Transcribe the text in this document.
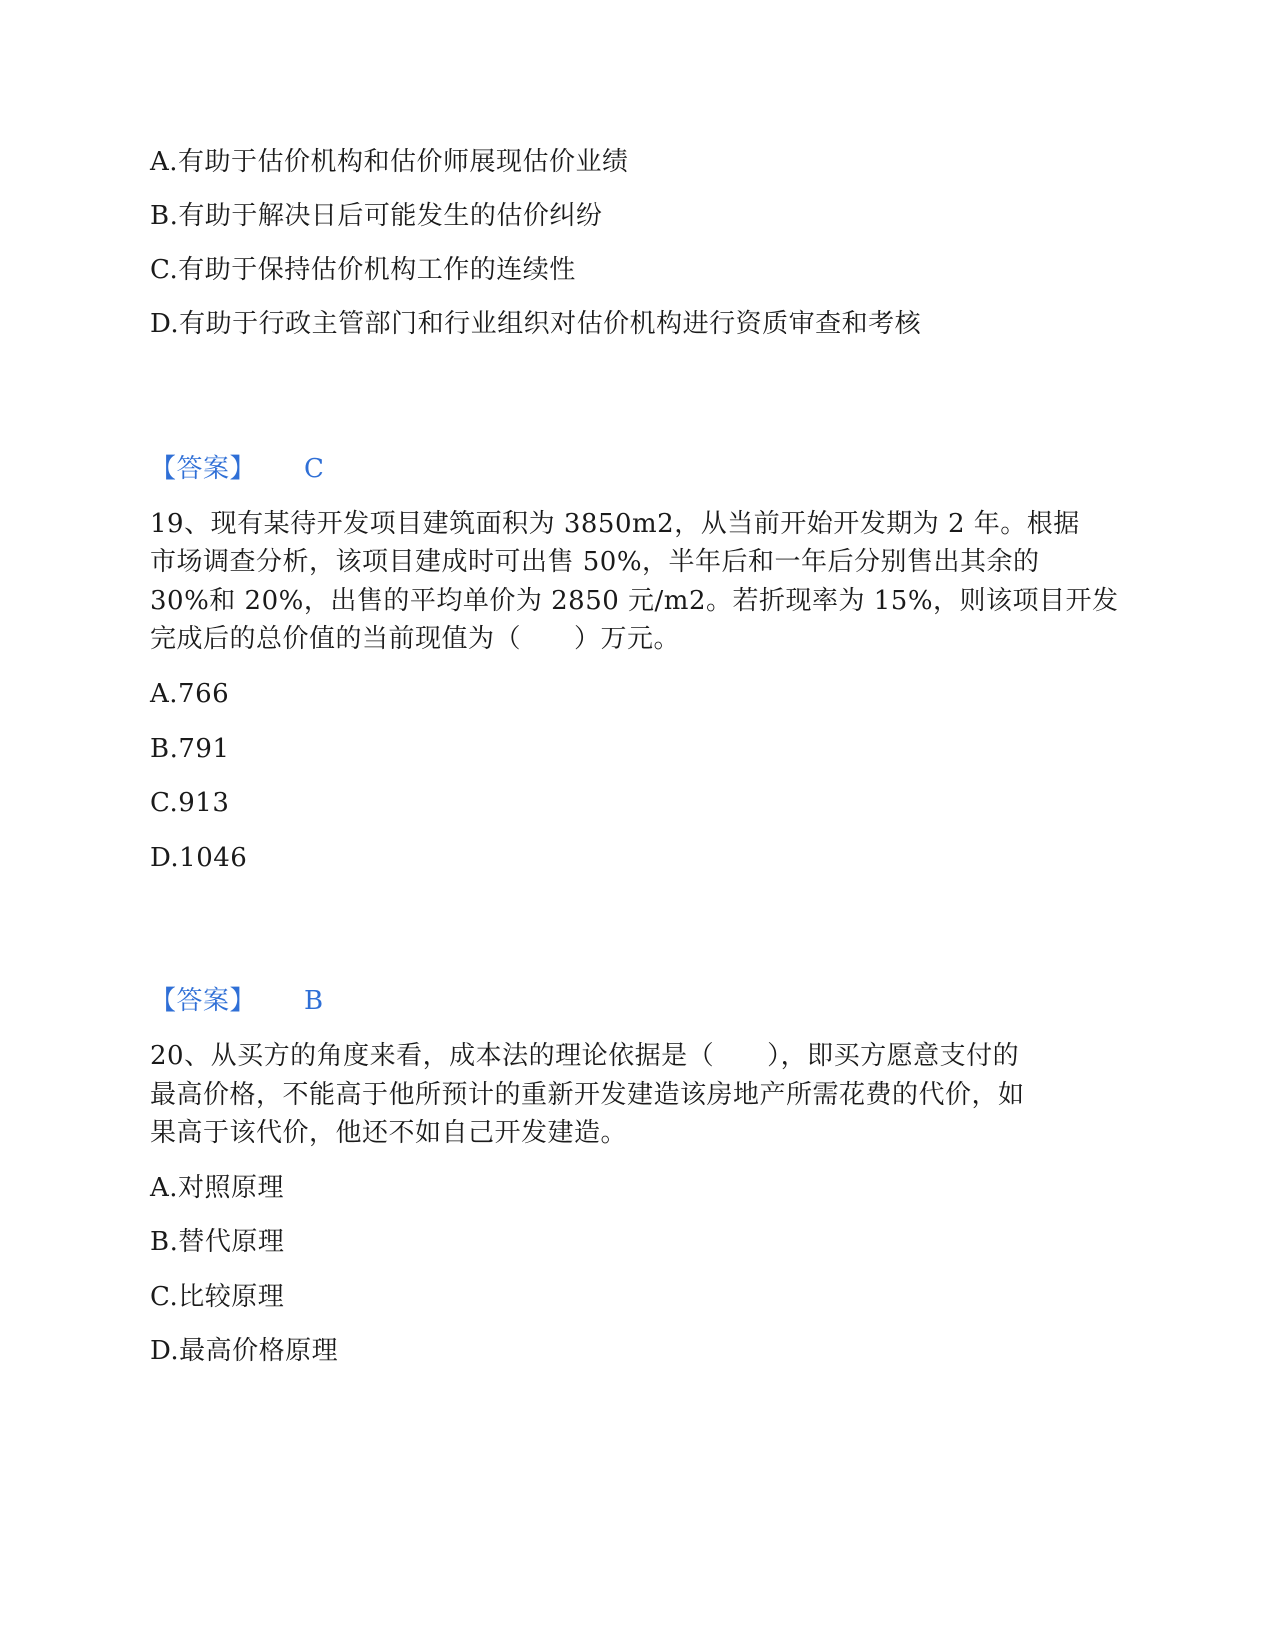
A.有助于估价机构和估价师展现估价业绩
B.有助于解决日后可能发生的估价纠纷
C.有助于保持估价机构工作的连续性
D.有助于行政主管部门和行业组织对估价机构进行资质审查和考核
【答案】 C
19、现有某待开发项目建筑面积为 3850m2，从当前开始开发期为 2 年。根据
市场调查分析，该项目建成时可出售 50%，半年后和一年后分别售出其余的
30%和 20%，出售的平均单价为 2850 元/m2。若折现率为 15%，则该项目开发
完成后的总价值的当前现值为（　　）万元。
A.766
B.791
C.913
D.1046
【答案】 B
20、从买方的角度来看，成本法的理论依据是（　　），即买方愿意支付的
最高价格，不能高于他所预计的重新开发建造该房地产所需花费的代价，如
果高于该代价，他还不如自己开发建造。
A.对照原理
B.替代原理
C.比较原理
D.最高价格原理
